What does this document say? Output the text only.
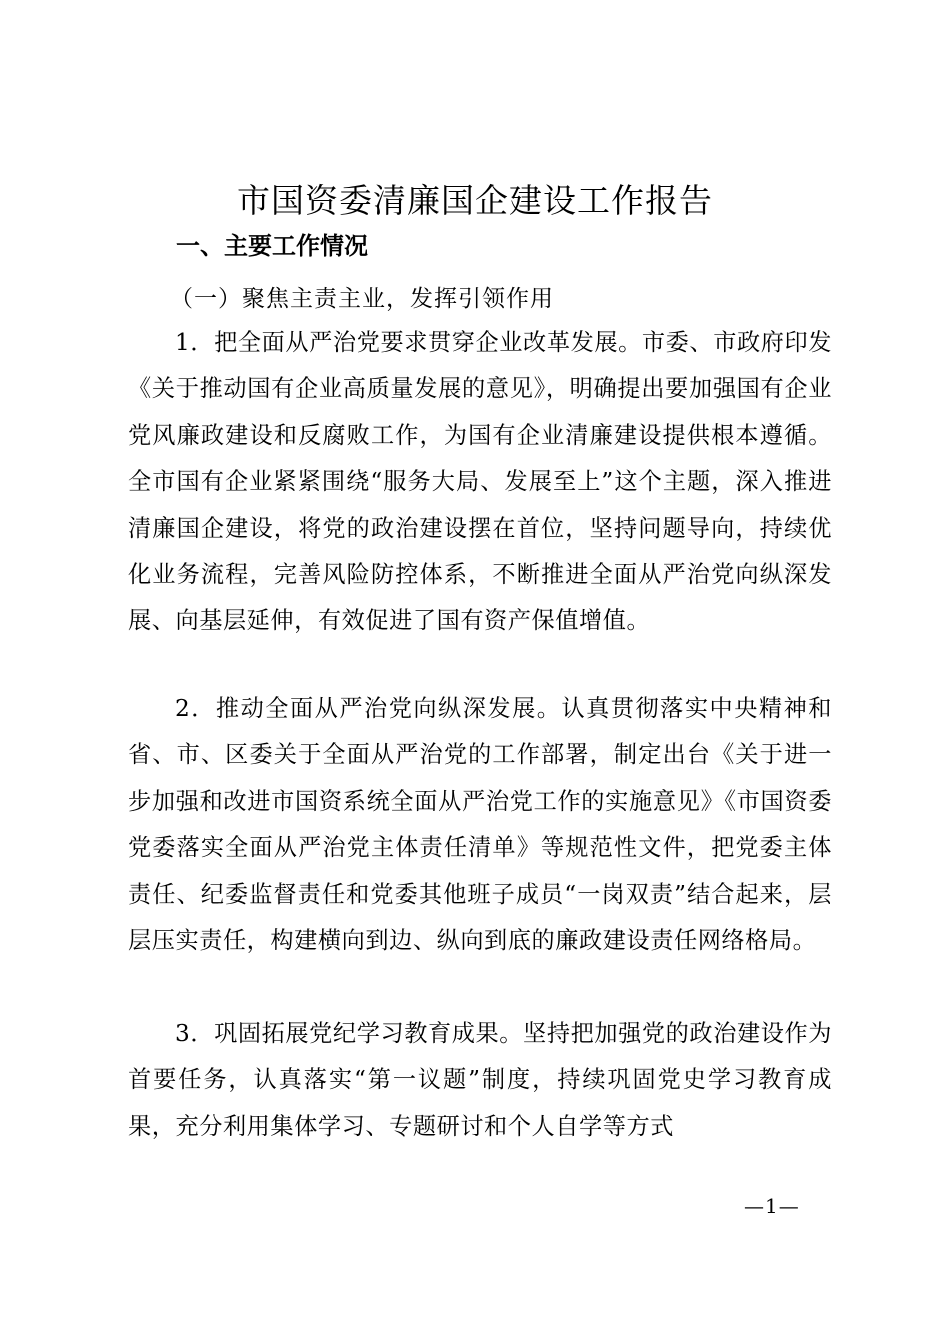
市国资委清廉国企建设工作报告
一、主要工作情况
（一）聚焦主责主业，发挥引领作用
1．把全面从严治党要求贯穿企业改革发展。市委、市政府印发《关于推动国有企业高质量发展的意见》，明确提出要加强国有企业党风廉政建设和反腐败工作，为国有企业清廉建设提供根本遵循。全市国有企业紧紧围绕“服务大局、发展至上”这个主题，深入推进清廉国企建设，将党的政治建设摆在首位，坚持问题导向，持续优化业务流程，完善风险防控体系，不断推进全面从严治党向纵深发展、向基层延伸，有效促进了国有资产保值增值。
2．推动全面从严治党向纵深发展。认真贯彻落实中央精神和省、市、区委关于全面从严治党的工作部署，制定出台《关于进一步加强和改进市国资系统全面从严治党工作的实施意见》《市国资委党委落实全面从严治党主体责任清单》等规范性文件，把党委主体责任、纪委监督责任和党委其他班子成员“一岗双责”结合起来，层层压实责任，构建横向到边、纵向到底的廉政建设责任网络格局。
3．巩固拓展党纪学习教育成果。坚持把加强党的政治建设作为首要任务，认真落实“第一议题”制度，持续巩固党史学习教育成果，充分利用集体学习、专题研讨和个人自学等方式
—1—
